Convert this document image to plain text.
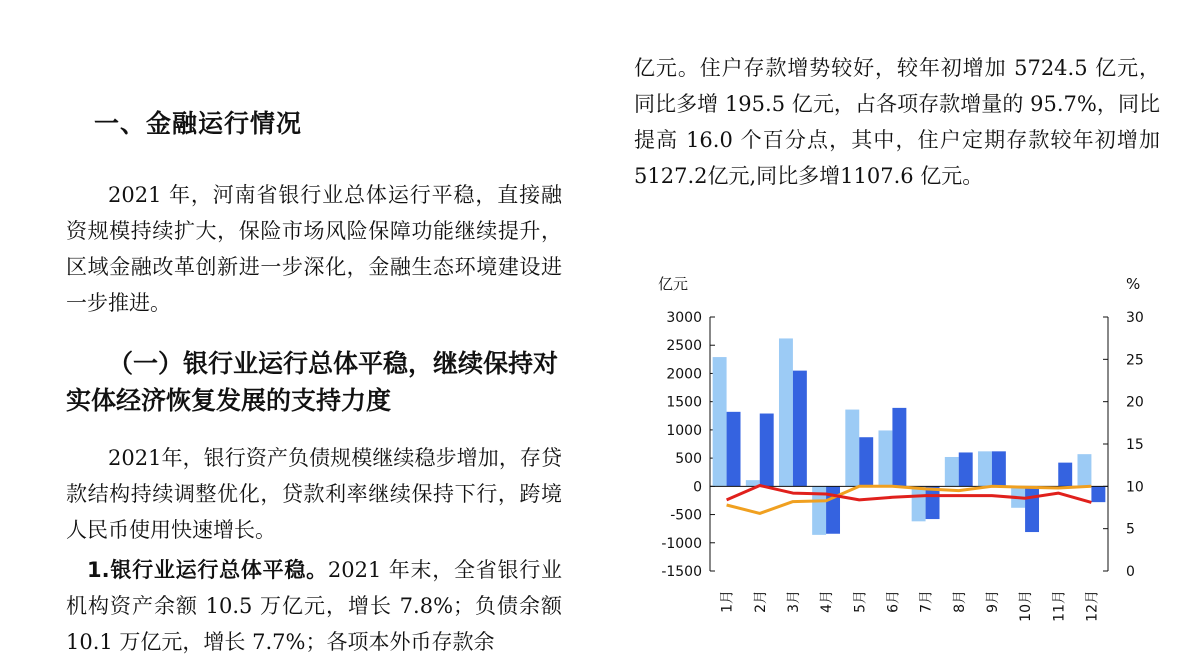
一、金融运行情况

2021 年，河南省银行业总体运行平稳，直接融资规模持续扩大，保险市场风险保障功能继续提升，区域金融改革创新进一步深化，金融生态环境建设进一步推进。

（一）银行业运行总体平稳，继续保持对实体经济恢复发展的支持力度

2021年，银行资产负债规模继续稳步增加，存贷款结构持续调整优化，贷款利率继续保持下行，跨境人民币使用快速增长。

1.银行业运行总体平稳。2021 年末，全省银行业机构资产余额 10.5 万亿元，增长 7.8%；负债余额 10.1 万亿元，增长 7.7%；各项本外币存款余

亿元。住户存款增势较好，较年初增加 5724.5 亿元，同比多增 195.5 亿元，占各项存款增量的 95.7%，同比提高 16.0 个百分点，其中，住户定期存款较年初增加5127.2亿元,同比多增1107.6 亿元。

亿元	%
3000
2500
2000
1500
1000
500
0
-500
-1000
-1500
30
25
20
15
10
5
0
1月 2月 3月 4月 5月 6月 7月 8月 9月 10月 11月 12月
